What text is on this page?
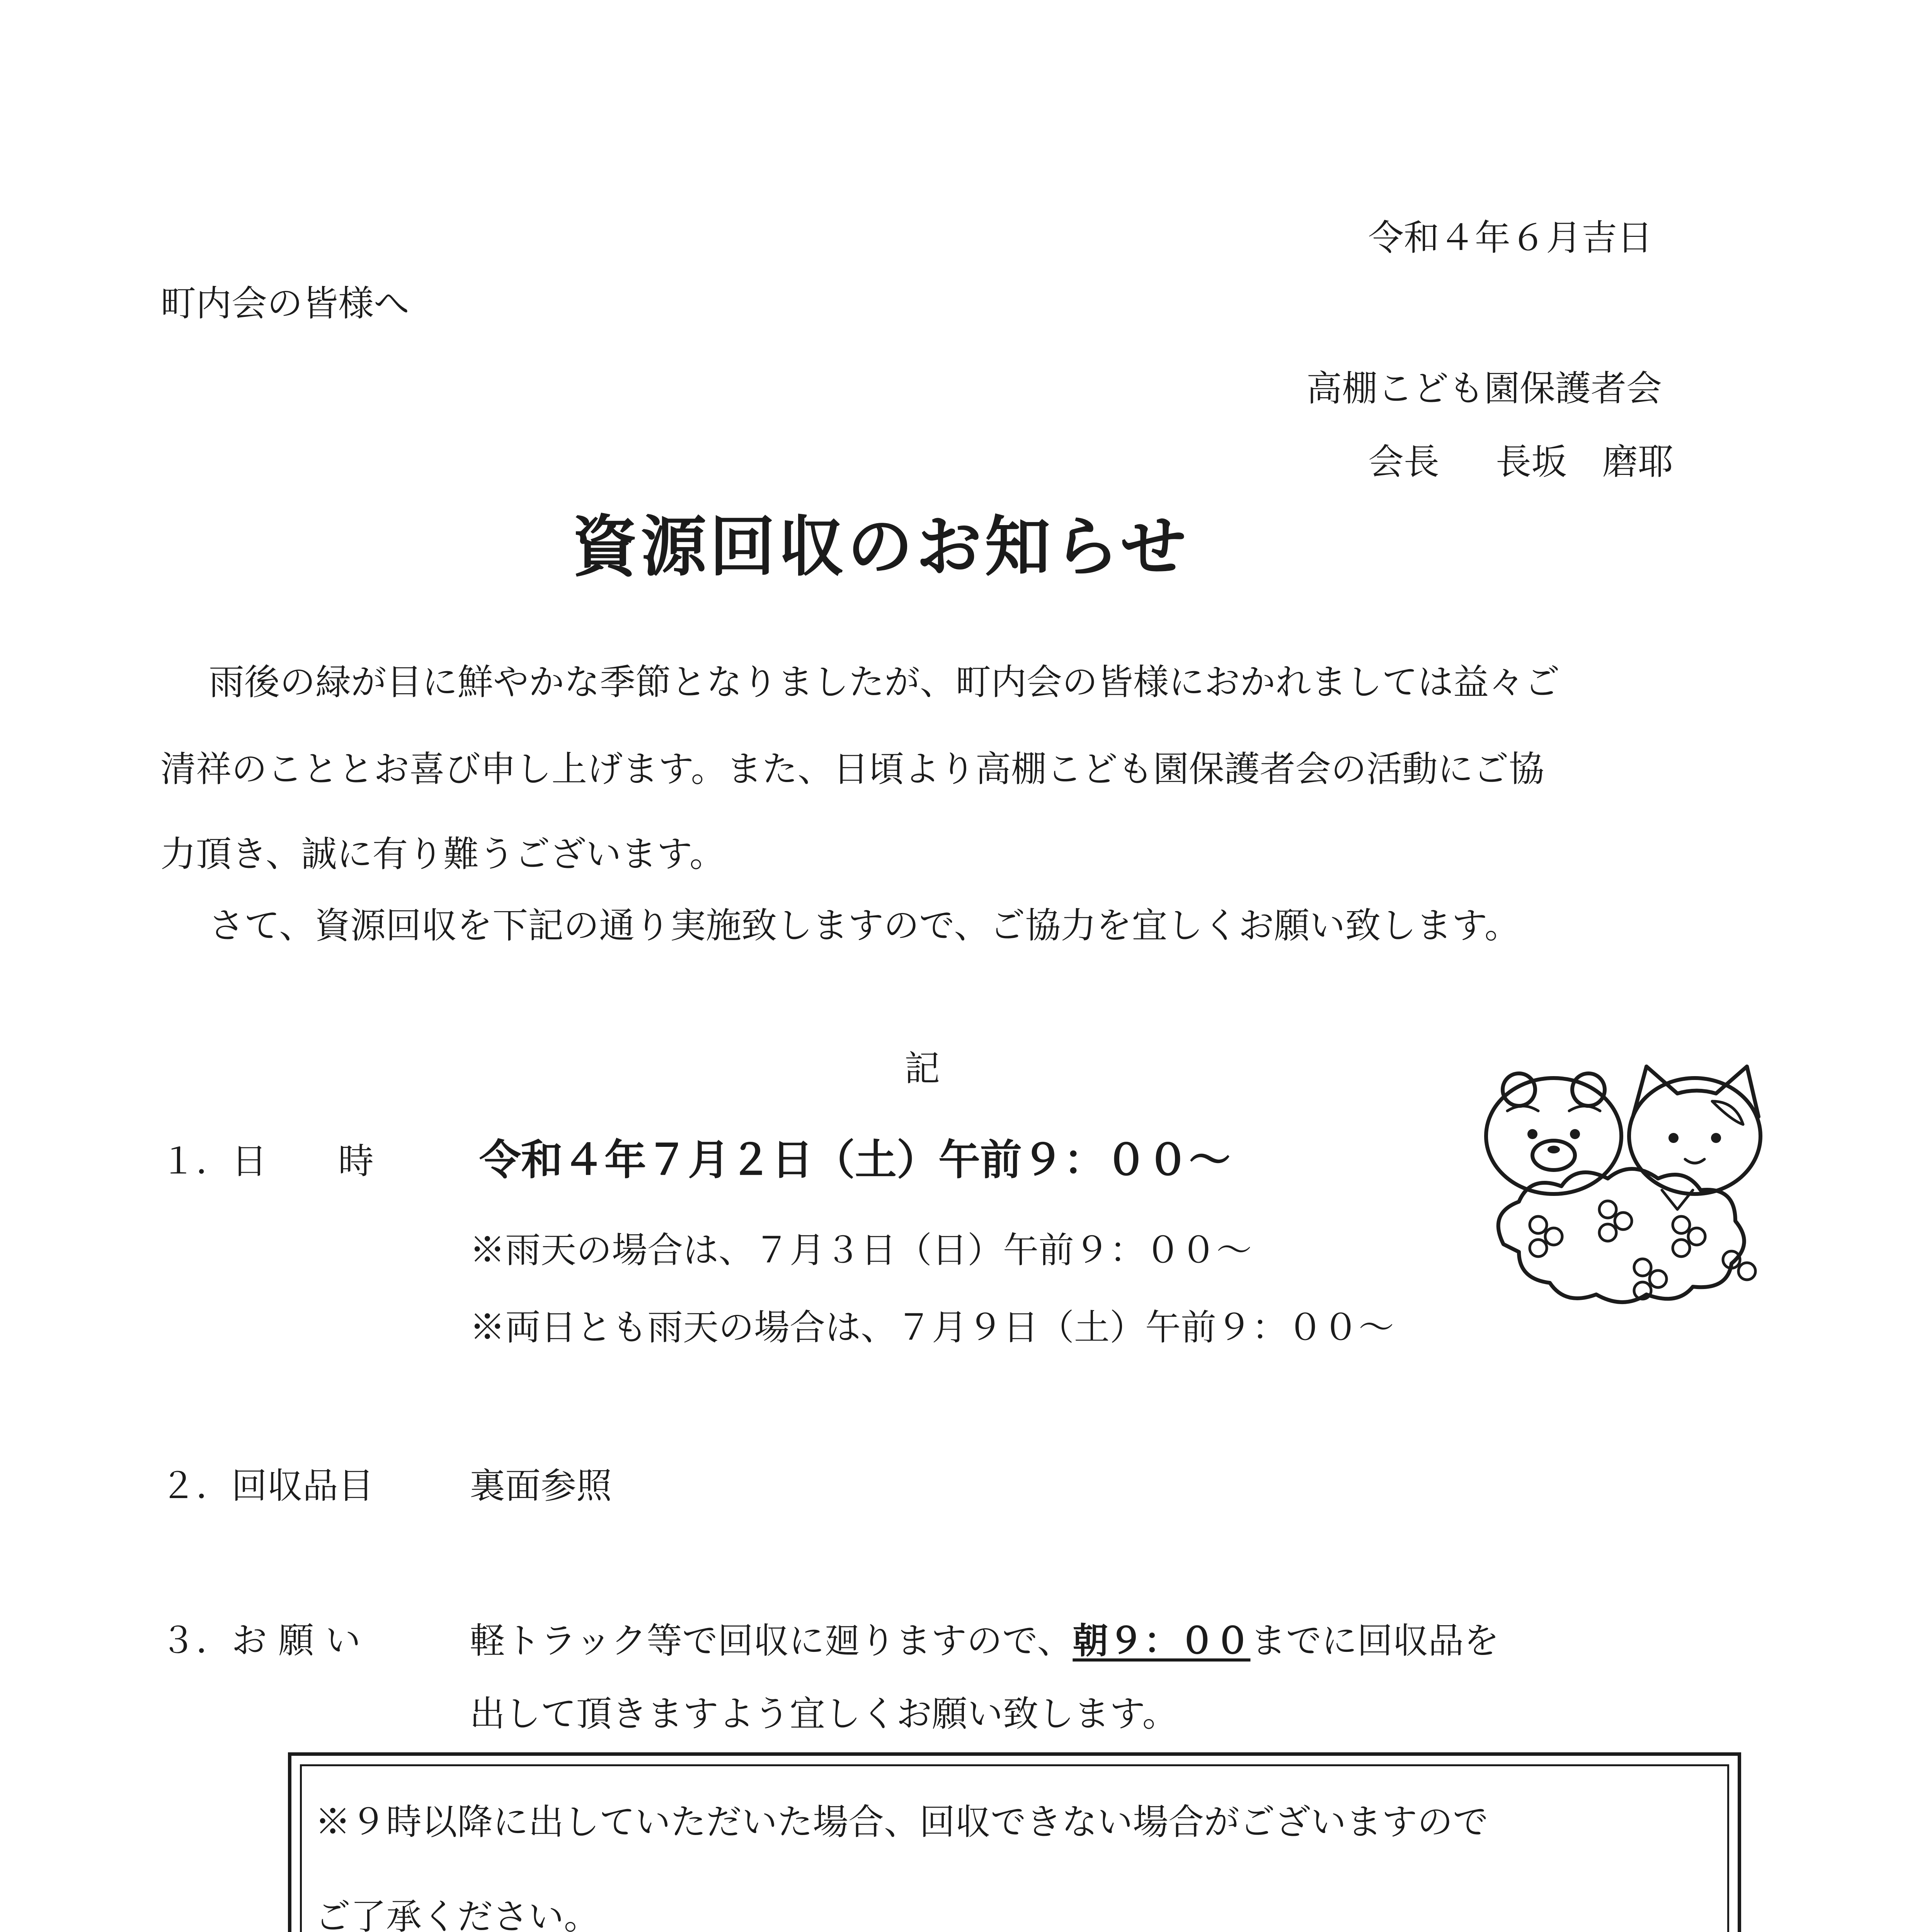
令和４年６月吉日
町内会の皆様へ
高棚こども園保護者会
会長 長坂　磨耶
資源回収のお知らせ
雨後の緑が目に鮮やかな季節となりましたが、町内会の皆様におかれましては益々ご
清祥のこととお喜び申し上げます。また、日頃より高棚こども園保護者会の活動にご協
力頂き、誠に有り難うございます。
さて、資源回収を下記の通り実施致しますので、ご協力を宜しくお願い致します。
記
１．日　　時	令和４年７月２日（土）午前９：００～
※雨天の場合は、７月３日（日）午前９：００～
※両日とも雨天の場合は、７月９日（土）午前９：００～
２．回収品目	裏面参照
３．お 願 い	軽トラック等で回収に廻りますので、朝９：００までに回収品を
出して頂きますよう宜しくお願い致します。
※９時以降に出していただいた場合、回収できない場合がございますので
ご了承ください。
